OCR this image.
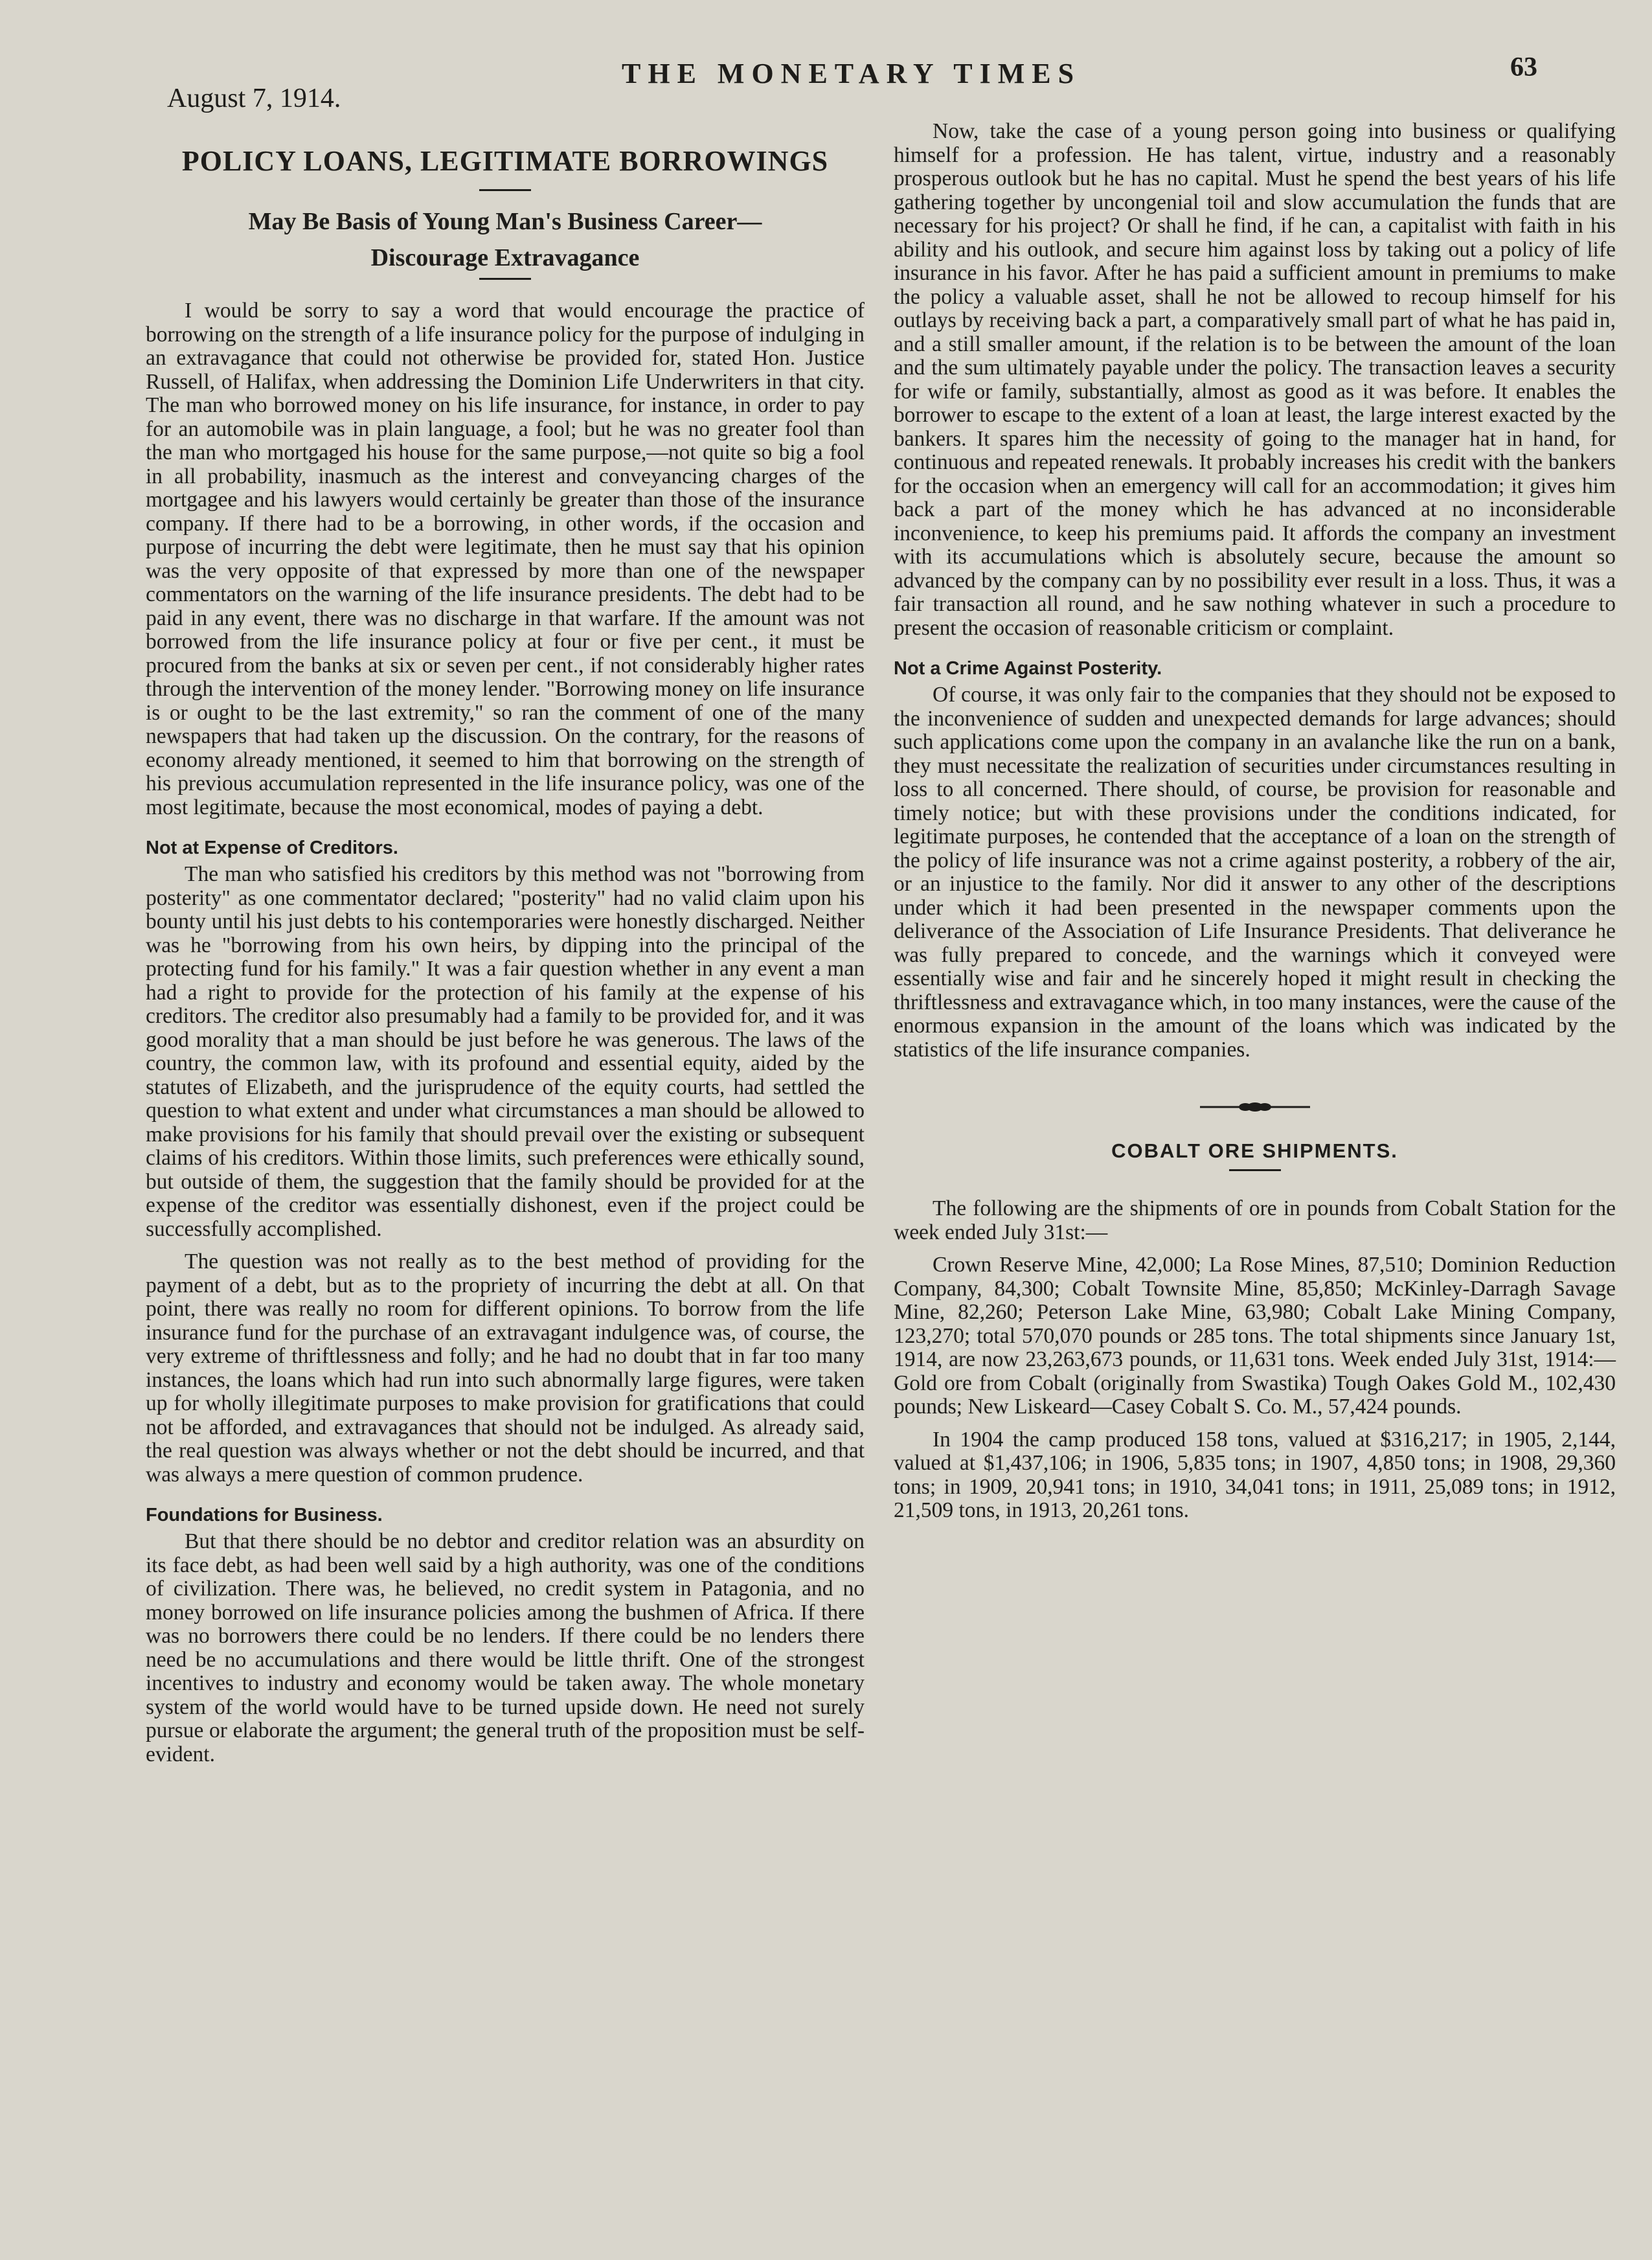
August 7, 1914.
THE MONETARY TIMES	63
POLICY LOANS, LEGITIMATE BORROWINGS
May Be Basis of Young Man's Business Career—
Discourage Extravagance

I would be sorry to say a word that would encourage the practice of borrowing on the strength of a life insurance policy for the purpose of indulging in an extravagance that could not otherwise be provided for, stated Hon. Justice Russell, of Halifax, when addressing the Dominion Life Underwriters in that city. The man who borrowed money on his life insurance, for instance, in order to pay for an automobile was in plain language, a fool; but he was no greater fool than the man who mortgaged his house for the same purpose,—not quite so big a fool in all probability, inasmuch as the interest and conveyancing charges of the mortgagee and his lawyers would certainly be greater than those of the insurance company. If there had to be a borrowing, in other words, if the occasion and purpose of incurring the debt were legitimate, then he must say that his opinion was the very opposite of that expressed by more than one of the newspaper commentators on the warning of the life insurance presidents. The debt had to be paid in any event, there was no discharge in that warfare. If the amount was not borrowed from the life insurance policy at four or five per cent., it must be procured from the banks at six or seven per cent., if not considerably higher rates through the intervention of the money lender. "Borrowing money on life insurance is or ought to be the last extremity," so ran the comment of one of the many newspapers that had taken up the discussion. On the contrary, for the reasons of economy already mentioned, it seemed to him that borrowing on the strength of his previous accumulation represented in the life insurance policy, was one of the most legitimate, because the most economical, modes of paying a debt.

Not at Expense of Creditors.

The man who satisfied his creditors by this method was not "borrowing from posterity" as one commentator declared; "posterity" had no valid claim upon his bounty until his just debts to his contemporaries were honestly discharged. Neither was he "borrowing from his own heirs, by dipping into the principal of the protecting fund for his family." It was a fair question whether in any event a man had a right to provide for the protection of his family at the expense of his creditors. The creditor also presumably had a family to be provided for, and it was good morality that a man should be just before he was generous. The laws of the country, the common law, with its profound and essential equity, aided by the statutes of Elizabeth, and the jurisprudence of the equity courts, had settled the question to what extent and under what circumstances a man should be allowed to make provisions for his family that should prevail over the existing or subsequent claims of his creditors. Within those limits, such preferences were ethically sound, but outside of them, the suggestion that the family should be provided for at the expense of the creditor was essentially dishonest, even if the project could be successfully accomplished.

The question was not really as to the best method of providing for the payment of a debt, but as to the propriety of incurring the debt at all. On that point, there was really no room for different opinions. To borrow from the life insurance fund for the purchase of an extravagant indulgence was, of course, the very extreme of thriftlessness and folly; and he had no doubt that in far too many instances, the loans which had run into such abnormally large figures, were taken up for wholly illegitimate purposes to make provision for gratifications that could not be afforded, and extravagances that should not be indulged. As already said, the real question was always whether or not the debt should be incurred, and that was always a mere question of common prudence.

Foundations for Business.

But that there should be no debtor and creditor relation was an absurdity on its face debt, as had been well said by a high authority, was one of the conditions of civilization. There was, he believed, no credit system in Patagonia, and no money borrowed on life insurance policies among the bushmen of Africa. If there was no borrowers there could be no lenders. If there could be no lenders there need be no accumulations and there would be little thrift. One of the strongest incentives to industry and economy would be taken away. The whole monetary system of the world would have to be turned upside down. He need not surely pursue or elaborate the argument; the general truth of the proposition must be self-evident.

Now, take the case of a young person going into business or qualifying himself for a profession. He has talent, virtue, industry and a reasonably prosperous outlook but he has no capital. Must he spend the best years of his life gathering together by uncongenial toil and slow accumulation the funds that are necessary for his project? Or shall he find, if he can, a capitalist with faith in his ability and his outlook, and secure him against loss by taking out a policy of life insurance in his favor. After he has paid a sufficient amount in premiums to make the policy a valuable asset, shall he not be allowed to recoup himself for his outlays by receiving back a part, a comparatively small part of what he has paid in, and a still smaller amount, if the relation is to be between the amount of the loan and the sum ultimately payable under the policy. The transaction leaves a security for wife or family, substantially, almost as good as it was before. It enables the borrower to escape to the extent of a loan at least, the large interest exacted by the bankers. It spares him the necessity of going to the manager hat in hand, for continuous and repeated renewals. It probably increases his credit with the bankers for the occasion when an emergency will call for an accommodation; it gives him back a part of the money which he has advanced at no inconsiderable inconvenience, to keep his premiums paid. It affords the company an investment with its accumulations which is absolutely secure, because the amount so advanced by the company can by no possibility ever result in a loss. Thus, it was a fair transaction all round, and he saw nothing whatever in such a procedure to present the occasion of reasonable criticism or complaint.

Not a Crime Against Posterity.

Of course, it was only fair to the companies that they should not be exposed to the inconvenience of sudden and unexpected demands for large advances; should such applications come upon the company in an avalanche like the run on a bank, they must necessitate the realization of securities under circumstances resulting in loss to all concerned. There should, of course, be provision for reasonable and timely notice; but with these provisions under the conditions indicated, for legitimate purposes, he contended that the acceptance of a loan on the strength of the policy of life insurance was not a crime against posterity, a robbery of the air, or an injustice to the family. Nor did it answer to any other of the descriptions under which it had been presented in the newspaper comments upon the deliverance of the Association of Life Insurance Presidents. That deliverance he was fully prepared to concede, and the warnings which it conveyed were essentially wise and fair and he sincerely hoped it might result in checking the thriftlessness and extravagance which, in too many instances, were the cause of the enormous expansion in the amount of the loans which was indicated by the statistics of the life insurance companies.

COBALT ORE SHIPMENTS.

The following are the shipments of ore in pounds from Cobalt Station for the week ended July 31st:—

Crown Reserve Mine, 42,000; La Rose Mines, 87,510; Dominion Reduction Company, 84,300; Cobalt Townsite Mine, 85,850; McKinley-Darragh Savage Mine, 82,260; Peterson Lake Mine, 63,980; Cobalt Lake Mining Company, 123,270; total 570,070 pounds or 285 tons. The total shipments since January 1st, 1914, are now 23,263,673 pounds, or 11,631 tons. Week ended July 31st, 1914:—Gold ore from Cobalt (originally from Swastika) Tough Oakes Gold M., 102,430 pounds; New Liskeard—Casey Cobalt S. Co. M., 57,424 pounds.

In 1904 the camp produced 158 tons, valued at $316,217; in 1905, 2,144, valued at $1,437,106; in 1906, 5,835 tons; in 1907, 4,850 tons; in 1908, 29,360 tons; in 1909, 20,941 tons; in 1910, 34,041 tons; in 1911, 25,089 tons; in 1912, 21,509 tons, in 1913, 20,261 tons.
